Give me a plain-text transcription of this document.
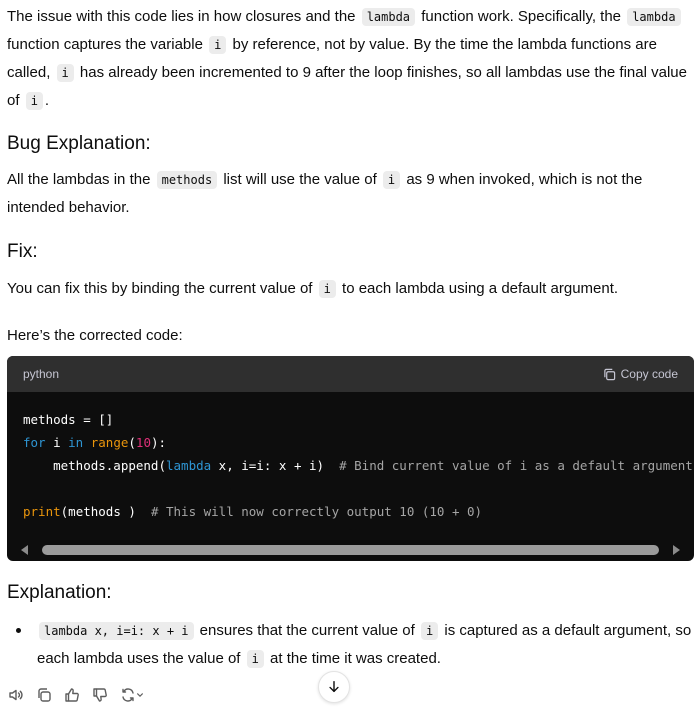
The issue with this code lies in how closures and the lambda function work. Specifically, the lambda function captures the variable i by reference, not by value. By the time the lambda functions are called, i has already been incremented to 9 after the loop finishes, so all lambdas use the final value of i .

Bug Explanation:

All the lambdas in the methods list will use the value of i as 9 when invoked, which is not the intended behavior.

Fix:

You can fix this by binding the current value of i to each lambda using a default argument.

Here’s the corrected code:

python	Copy code
methods = []
for i in range(10):
methods.append(lambda x, i=i: x + i)  # Bind current value of i as a default argument

print(methods )  # This will now correctly output 10 (10 + 0)
Explanation:

lambda x, i=i: x + i ensures that the current value of i is captured as a default argument, so each lambda uses the value of i at the time it was created.
